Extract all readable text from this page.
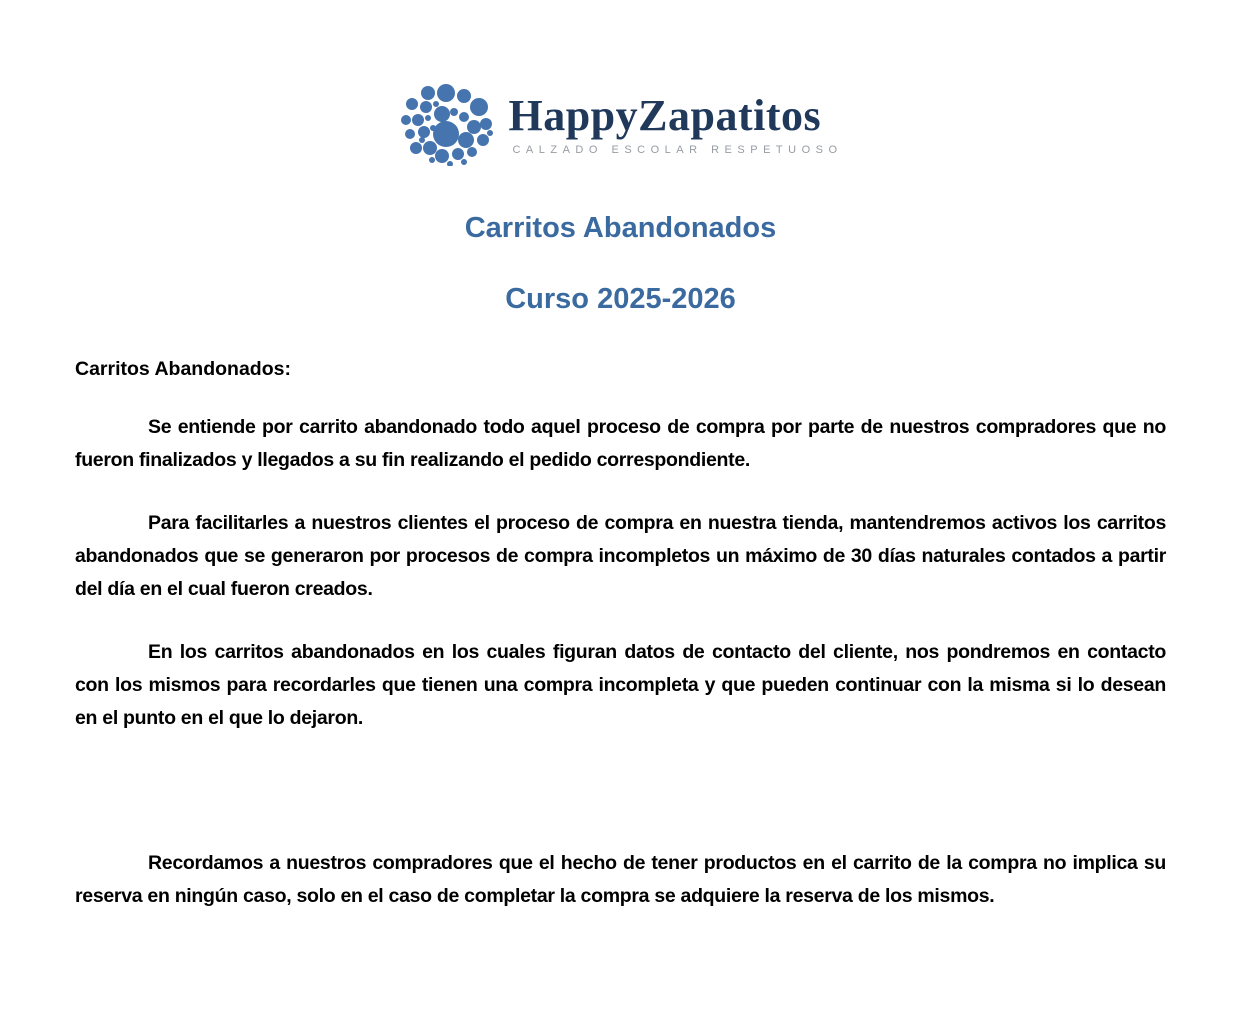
HappyZapatitos
CALZADO ESCOLAR RESPETUOSO
Carritos Abandonados
Curso 2025-2026

Carritos Abandonados:

Se entiende por carrito abandonado todo aquel proceso de compra por parte de nuestros compradores que no fueron finalizados y llegados a su fin realizando el pedido correspondiente.

Para facilitarles a nuestros clientes el proceso de compra en nuestra tienda, mantendremos activos los carritos abandonados que se generaron por procesos de compra incompletos un máximo de 30 días naturales contados a partir del día en el cual fueron creados.

En los carritos abandonados en los cuales figuran datos de contacto del cliente, nos pondremos en contacto con los mismos para recordarles que tienen una compra incompleta y que pueden continuar con la misma si lo desean en el punto en el que lo dejaron.

Recordamos a nuestros compradores que el hecho de tener productos en el carrito de la compra no implica su reserva en ningún caso, solo en el caso de completar la compra se adquiere la reserva de los mismos.
